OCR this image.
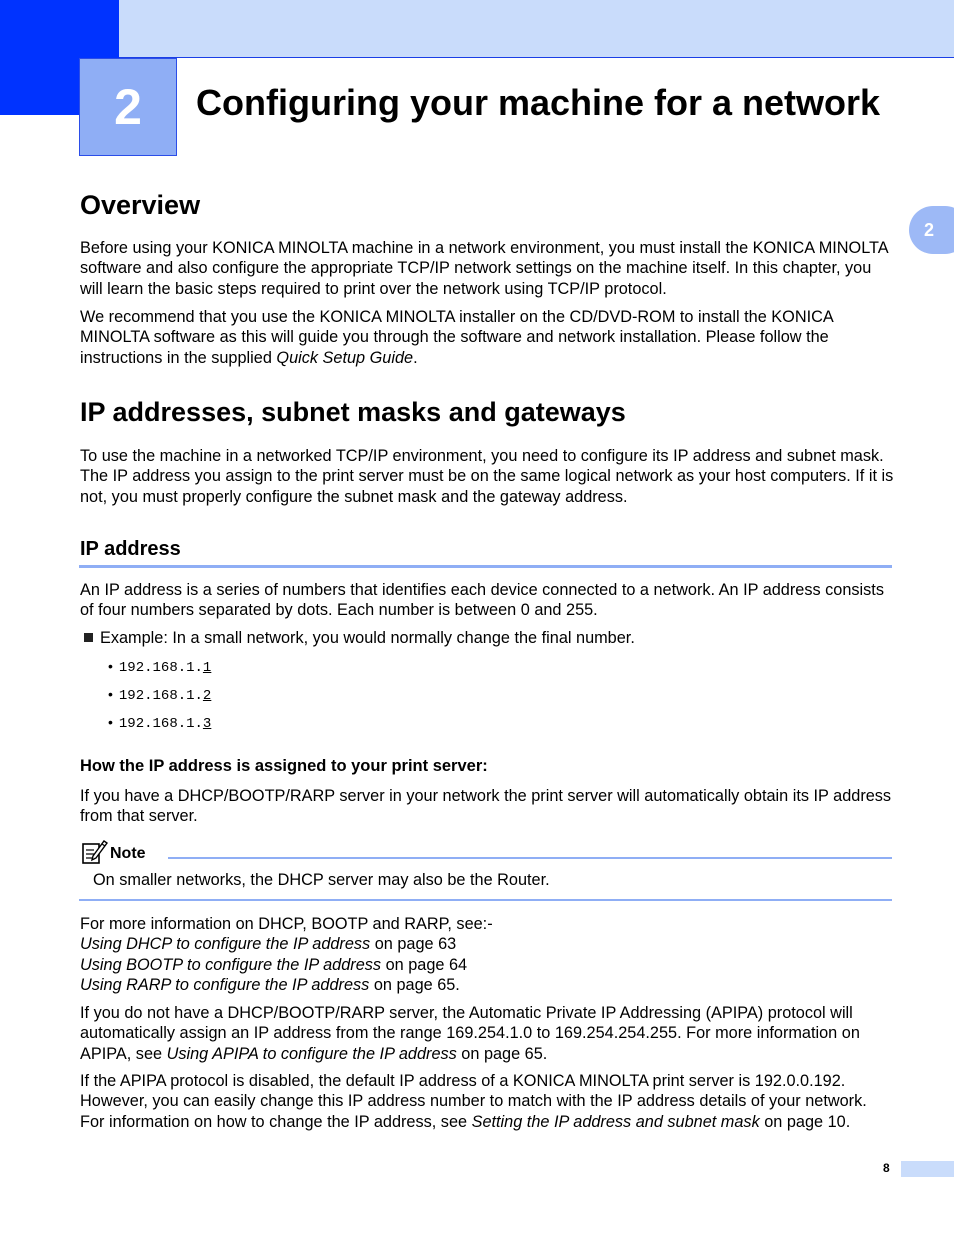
2	Configuring your machine for a network
2
Overview
Before using your KONICA MINOLTA machine in a network environment, you must install the KONICA MINOLTA software and also configure the appropriate TCP/IP network settings on the machine itself. In this chapter, you will learn the basic steps required to print over the network using TCP/IP protocol.
We recommend that you use the KONICA MINOLTA installer on the CD/DVD-ROM to install the KONICA MINOLTA software as this will guide you through the software and network installation. Please follow the instructions in the supplied Quick Setup Guide.
IP addresses, subnet masks and gateways
To use the machine in a networked TCP/IP environment, you need to configure its IP address and subnet mask. The IP address you assign to the print server must be on the same logical network as your host computers. If it is not, you must properly configure the subnet mask and the gateway address.
IP address
An IP address is a series of numbers that identifies each device connected to a network. An IP address consists of four numbers separated by dots. Each number is between 0 and 255.
Example: In a small network, you would normally change the final number.
• 192.168.1.1
• 192.168.1.2
• 192.168.1.3
How the IP address is assigned to your print server:
If you have a DHCP/BOOTP/RARP server in your network the print server will automatically obtain its IP address from that server.
Note
On smaller networks, the DHCP server may also be the Router.
For more information on DHCP, BOOTP and RARP, see:-
Using DHCP to configure the IP address on page 63
Using BOOTP to configure the IP address on page 64
Using RARP to configure the IP address on page 65.
If you do not have a DHCP/BOOTP/RARP server, the Automatic Private IP Addressing (APIPA) protocol will automatically assign an IP address from the range 169.254.1.0 to 169.254.254.255. For more information on APIPA, see Using APIPA to configure the IP address on page 65.
If the APIPA protocol is disabled, the default IP address of a KONICA MINOLTA print server is 192.0.0.192. However, you can easily change this IP address number to match with the IP address details of your network. For information on how to change the IP address, see Setting the IP address and subnet mask on page 10.
8
